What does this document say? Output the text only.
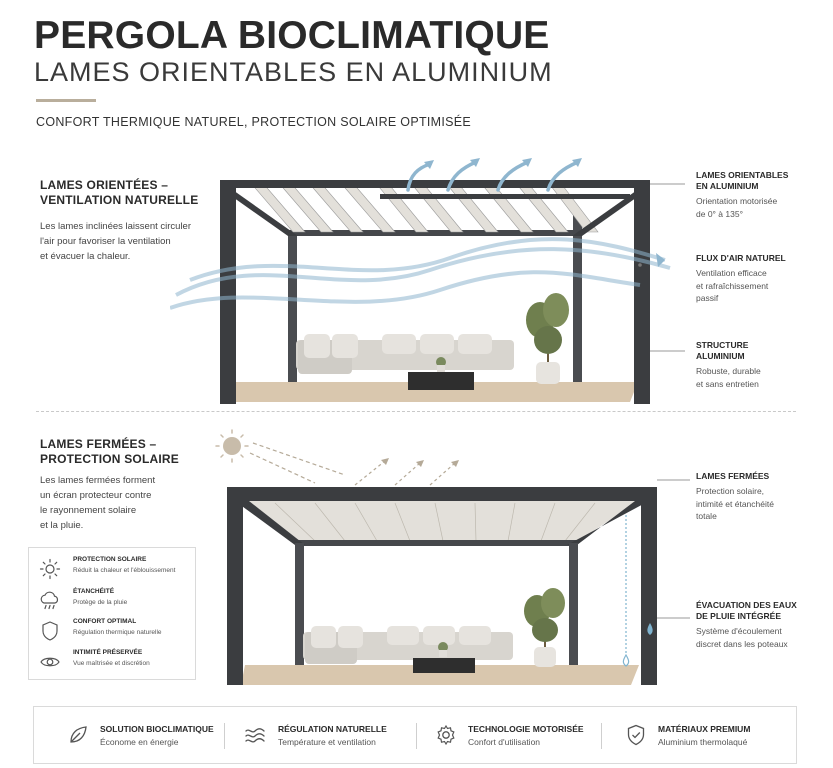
PERGOLA BIOCLIMATIQUE
LAMES ORIENTABLES EN ALUMINIUM
CONFORT THERMIQUE NATUREL, PROTECTION SOLAIRE OPTIMISÉE
LAMES ORIENTÉES –
VENTILATION NATURELLE
Les lames inclinées laissent circuler
l'air pour favoriser la ventilation
et évacuer la chaleur.
LAMES ORIENTABLES
EN ALUMINIUM
Orientation motorisée
de 0° à 135°
FLUX D'AIR NATUREL
Ventilation efficace
et rafraîchissement
passif
STRUCTURE
ALUMINIUM
Robuste, durable
et sans entretien
LAMES FERMÉES –
PROTECTION SOLAIRE
Les lames fermées forment
un écran protecteur contre
le rayonnement solaire
et la pluie.
PROTECTION SOLAIRE
Réduit la chaleur et l'éblouissement
ÉTANCHÉITÉ
Protège de la pluie
CONFORT OPTIMAL
Régulation thermique naturelle
INTIMITÉ PRÉSERVÉE
Vue maîtrisée et discrétion
LAMES FERMÉES
Protection solaire,
intimité et étanchéité
totale
ÉVACUATION DES EAUX
DE PLUIE INTÉGRÉE
Système d'écoulement
discret dans les poteaux
SOLUTION BIOCLIMATIQUE
Économe en énergie
RÉGULATION NATURELLE
Température et ventilation
TECHNOLOGIE MOTORISÉE
Confort d'utilisation
MATÉRIAUX PREMIUM
Aluminium thermolaqué
